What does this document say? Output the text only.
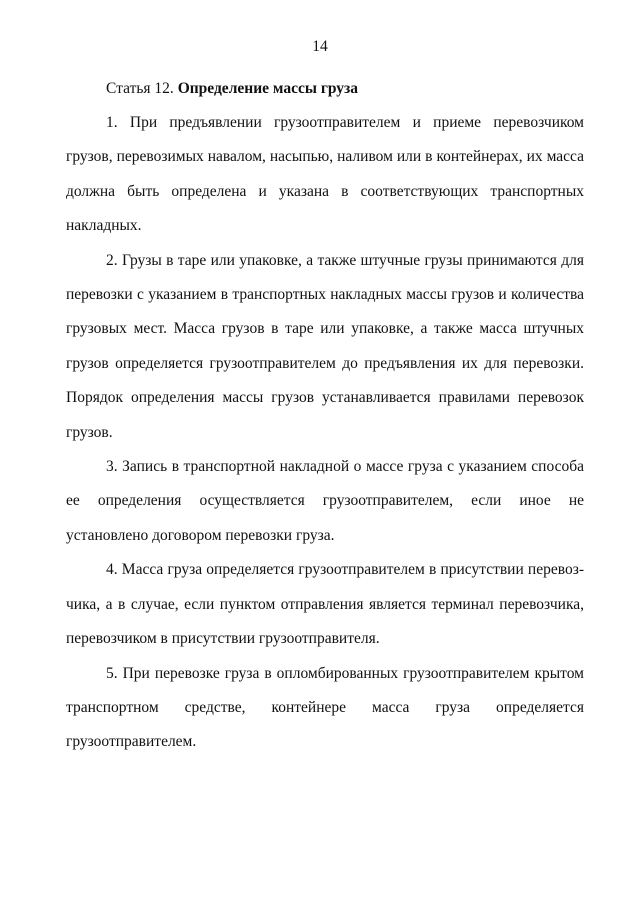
14
Статья 12. Определение массы груза

1. При предъявлении грузоотправителем и приеме перевозчиком грузов, перевозимых навалом, насыпью, наливом или в контейнерах, их масса должна быть определена и указана в соответствующих транспортных накладных.

2. Грузы в таре или упаковке, а также штучные грузы принимаются для перевозки с указанием в транспортных накладных массы грузов и количества грузовых мест. Масса грузов в таре или упаковке, а также масса штучных грузов определяется грузоотправителем до предъявления их для перевозки. Порядок определения массы грузов устанавливается правилами перевозок грузов.

3. Запись в транспортной накладной о массе груза с указанием способа ее определения осуществляется грузоотправителем, если иное не установлено договором перевозки груза.

4. Масса груза определяется грузоотправителем в присутствии перевозчика, а в случае, если пунктом отправления является терминал перевозчика, перевозчиком в присутствии грузоотправителя.

5. При перевозке груза в опломбированных грузоотправителем крытом транспортном средстве, контейнере масса груза определяется грузоотправителем.
